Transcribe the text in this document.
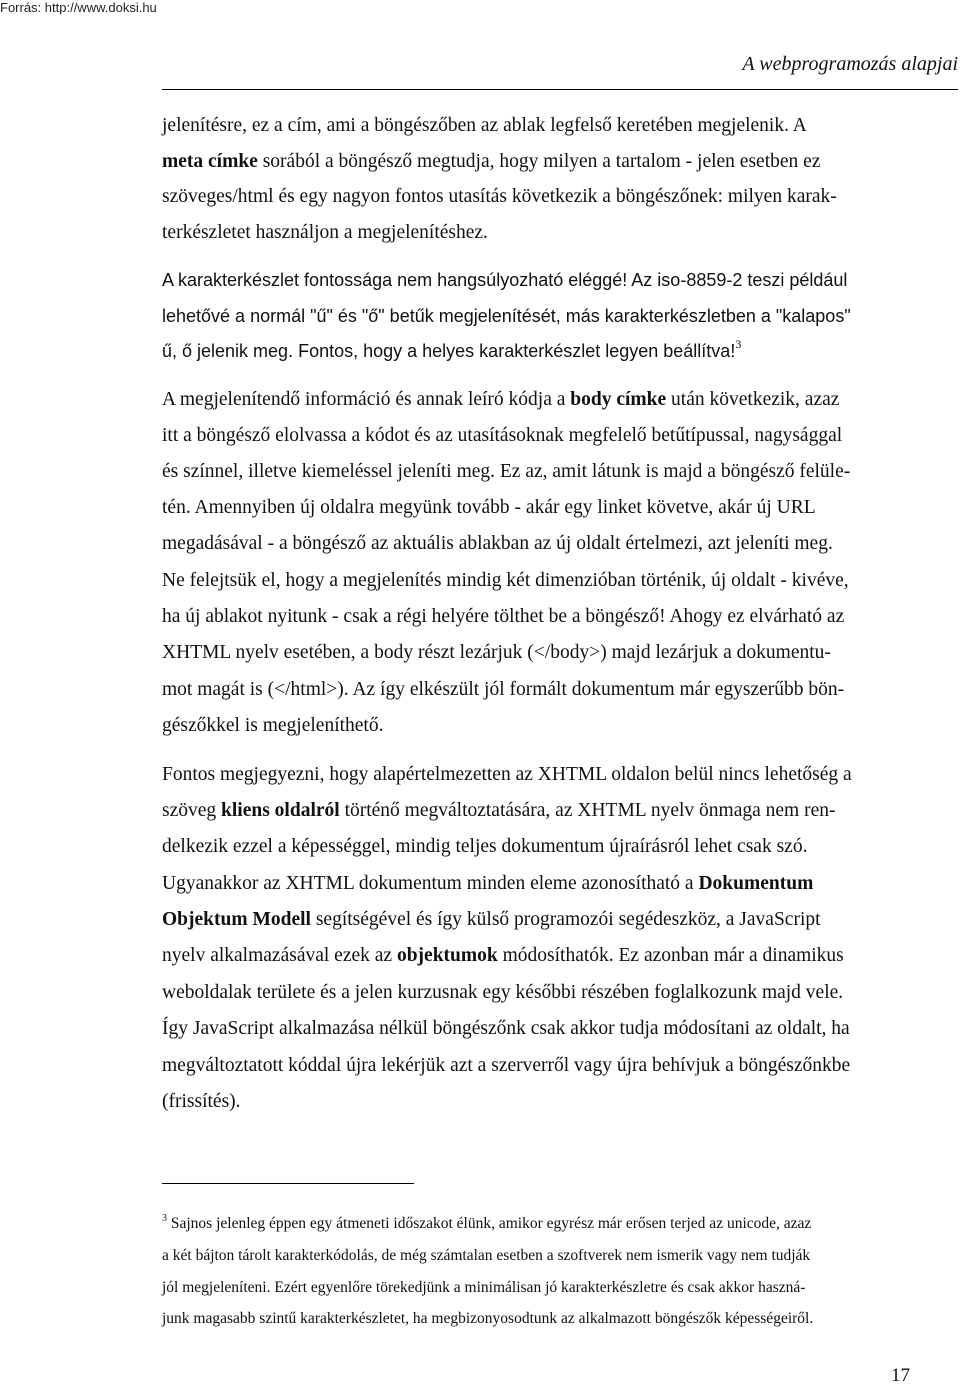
Forrás: http://www.doksi.hu
A webprogramozás alapjai
jelenítésre, ez a cím, ami a böngészőben az ablak legfelső keretében megjelenik. A
meta címke sorából a böngésző megtudja, hogy milyen a tartalom - jelen esetben ez
szöveges/html és egy nagyon fontos utasítás következik a böngészőnek: milyen karak-
terkészletet használjon a megjelenítéshez.
A karakterkészlet fontossága nem hangsúlyozható eléggé! Az iso-8859-2 teszi például
lehetővé a normál "ű" és "ő" betűk megjelenítését, más karakterkészletben a "kalapos"
ű, ő jelenik meg. Fontos, hogy a helyes karakterkészlet legyen beállítva!$^3$
A megjelenítendő információ és annak leíró kódja a body címke után következik, azaz
itt a böngésző elolvassa a kódot és az utasításoknak megfelelő betűtípussal, nagysággal
és színnel, illetve kiemeléssel jeleníti meg. Ez az, amit látunk is majd a böngésző felüle-
tén. Amennyiben új oldalra megyünk tovább - akár egy linket követve, akár új URL
megadásával - a böngésző az aktuális ablakban az új oldalt értelmezi, azt jeleníti meg.
Ne felejtsük el, hogy a megjelenítés mindig két dimenzióban történik, új oldalt - kivéve,
ha új ablakot nyitunk - csak a régi helyére tölthet be a böngésző! Ahogy ez elvárható az
XHTML nyelv esetében, a body részt lezárjuk (</body>) majd lezárjuk a dokumentu-
mot magát is (</html>). Az így elkészült jól formált dokumentum már egyszerűbb bön-
gészőkkel is megjeleníthető.
Fontos megjegyezni, hogy alapértelmezetten az XHTML oldalon belül nincs lehetőség a
szöveg kliens oldalról történő megváltoztatására, az XHTML nyelv önmaga nem ren-
delkezik ezzel a képességgel, mindig teljes dokumentum újraírásról lehet csak szó.
Ugyanakkor az XHTML dokumentum minden eleme azonosítható a Dokumentum
Objektum Modell segítségével és így külső programozói segédeszköz, a JavaScript
nyelv alkalmazásával ezek az objektumok módosíthatók. Ez azonban már a dinamikus
weboldalak területe és a jelen kurzusnak egy későbbi részében foglalkozunk majd vele.
Így JavaScript alkalmazása nélkül böngészőnk csak akkor tudja módosítani az oldalt, ha
megváltoztatott kóddal újra lekérjük azt a szerverről vagy újra behívjuk a böngészőnkbe
(frissítés).
$^3$ Sajnos jelenleg éppen egy átmeneti időszakot élünk, amikor egyrész már erősen terjed az unicode, azaz
a két bájton tárolt karakterkódolás, de még számtalan esetben a szoftverek nem ismerik vagy nem tudják
jól megjeleníteni. Ezért egyenlőre törekedjünk a minimálisan jó karakterkészletre és csak akkor haszná-
junk magasabb szintű karakterkészletet, ha megbizonyosodtunk az alkalmazott böngészők képességeiről.
17
